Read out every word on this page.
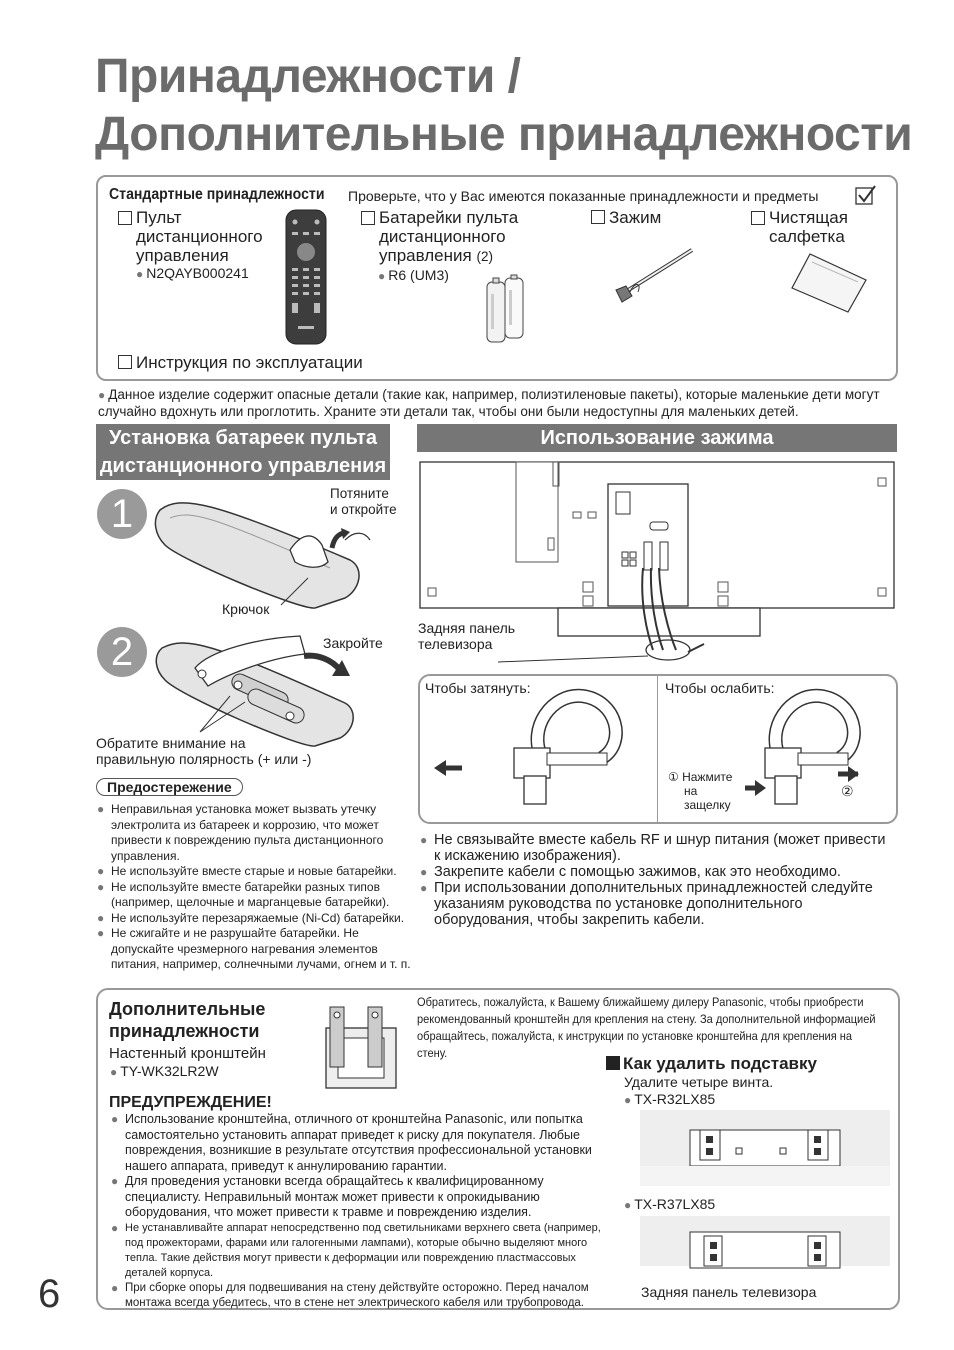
Принадлежности /
Дополнительные принадлежности
Стандартные принадлежности Проверьте, что у Вас имеются показанные принадлежности и предметы
Пульт дистанционного управления
● N2QAYB000241
Батарейки пульта дистанционного управления (2)
● R6 (UM3)
Зажим	Чистящая салфетка
Инструкция по эксплуатации
● Данное изделие содержит опасные детали (такие как, например, полиэтиленовые пакеты), которые маленькие дети могут случайно вдохнуть или проглотить. Храните эти детали так, чтобы они были недоступны для маленьких детей.
Установка батареек пульта
дистанционного управления
1	Потяните
и откройте
Крючок
2	Закройте
Обратите внимание на
правильную полярность (+ или -)
Предостережение
● Неправильная установка может вызвать утечку электролита из батареек и коррозию, что может привести к повреждению пульта дистанционного управления.
● Не используйте вместе старые и новые батарейки.
● Не используйте вместе батарейки разных типов (например, щелочные и марганцевые батарейки).
● Не используйте перезаряжаемые (Ni-Cd) батарейки.
● Не сжигайте и не разрушайте батарейки. Не допускайте чрезмерного нагревания элементов питания, например, солнечными лучами, огнем и т. п.
Использование зажима
Задняя панель
телевизора
Чтобы затянуть:	Чтобы ослабить:
① Нажмите
на
защелку
②
● Не связывайте вместе кабель RF и шнур питания (может привести к искажению изображения).
● Закрепите кабели с помощью зажимов, как это необходимо.
● При использовании дополнительных принадлежностей следуйте указаниям руководства по установке дополнительного оборудования, чтобы закрепить кабели.
Дополнительные
принадлежности
Настенный кронштейн
● TY-WK32LR2W
Обратитесь, пожалуйста, к Вашему ближайшему дилеру Panasonic, чтобы приобрести рекомендованный кронштейн для крепления на стену. За дополнительной информацией обращайтесь, пожалуйста, к инструкции по установке кронштейна для крепления на стену.
ПРЕДУПРЕЖДЕНИЕ!
● Использование кронштейна, отличного от кронштейна Panasonic, или попытка самостоятельно установить аппарат приведет к риску для покупателя. Любые повреждения, возникшие в результате отсутствия профессиональной установки нашего аппарата, приведут к аннулированию гарантии.
● Для проведения установки всегда обращайтесь к квалифицированному специалисту. Неправильный монтаж может привести к опрокидыванию оборудования, что может привести к травме и повреждению изделия.
● Не устанавливайте аппарат непосредственно под светильниками верхнего света (например, под прожекторами, фарами или галогенными лампами), которые обычно выделяют много тепла. Такие действия могут привести к деформации или повреждению пластмассовых деталей корпуса.
● При сборке опоры для подвешивания на стену действуйте осторожно. Перед началом монтажа всегда убедитесь, что в стене нет электрического кабеля или трубопровода.
Как удалить подставку
Удалите четыре винта.
● TX-R32LX85
● TX-R37LX85
Задняя панель телевизора
6
